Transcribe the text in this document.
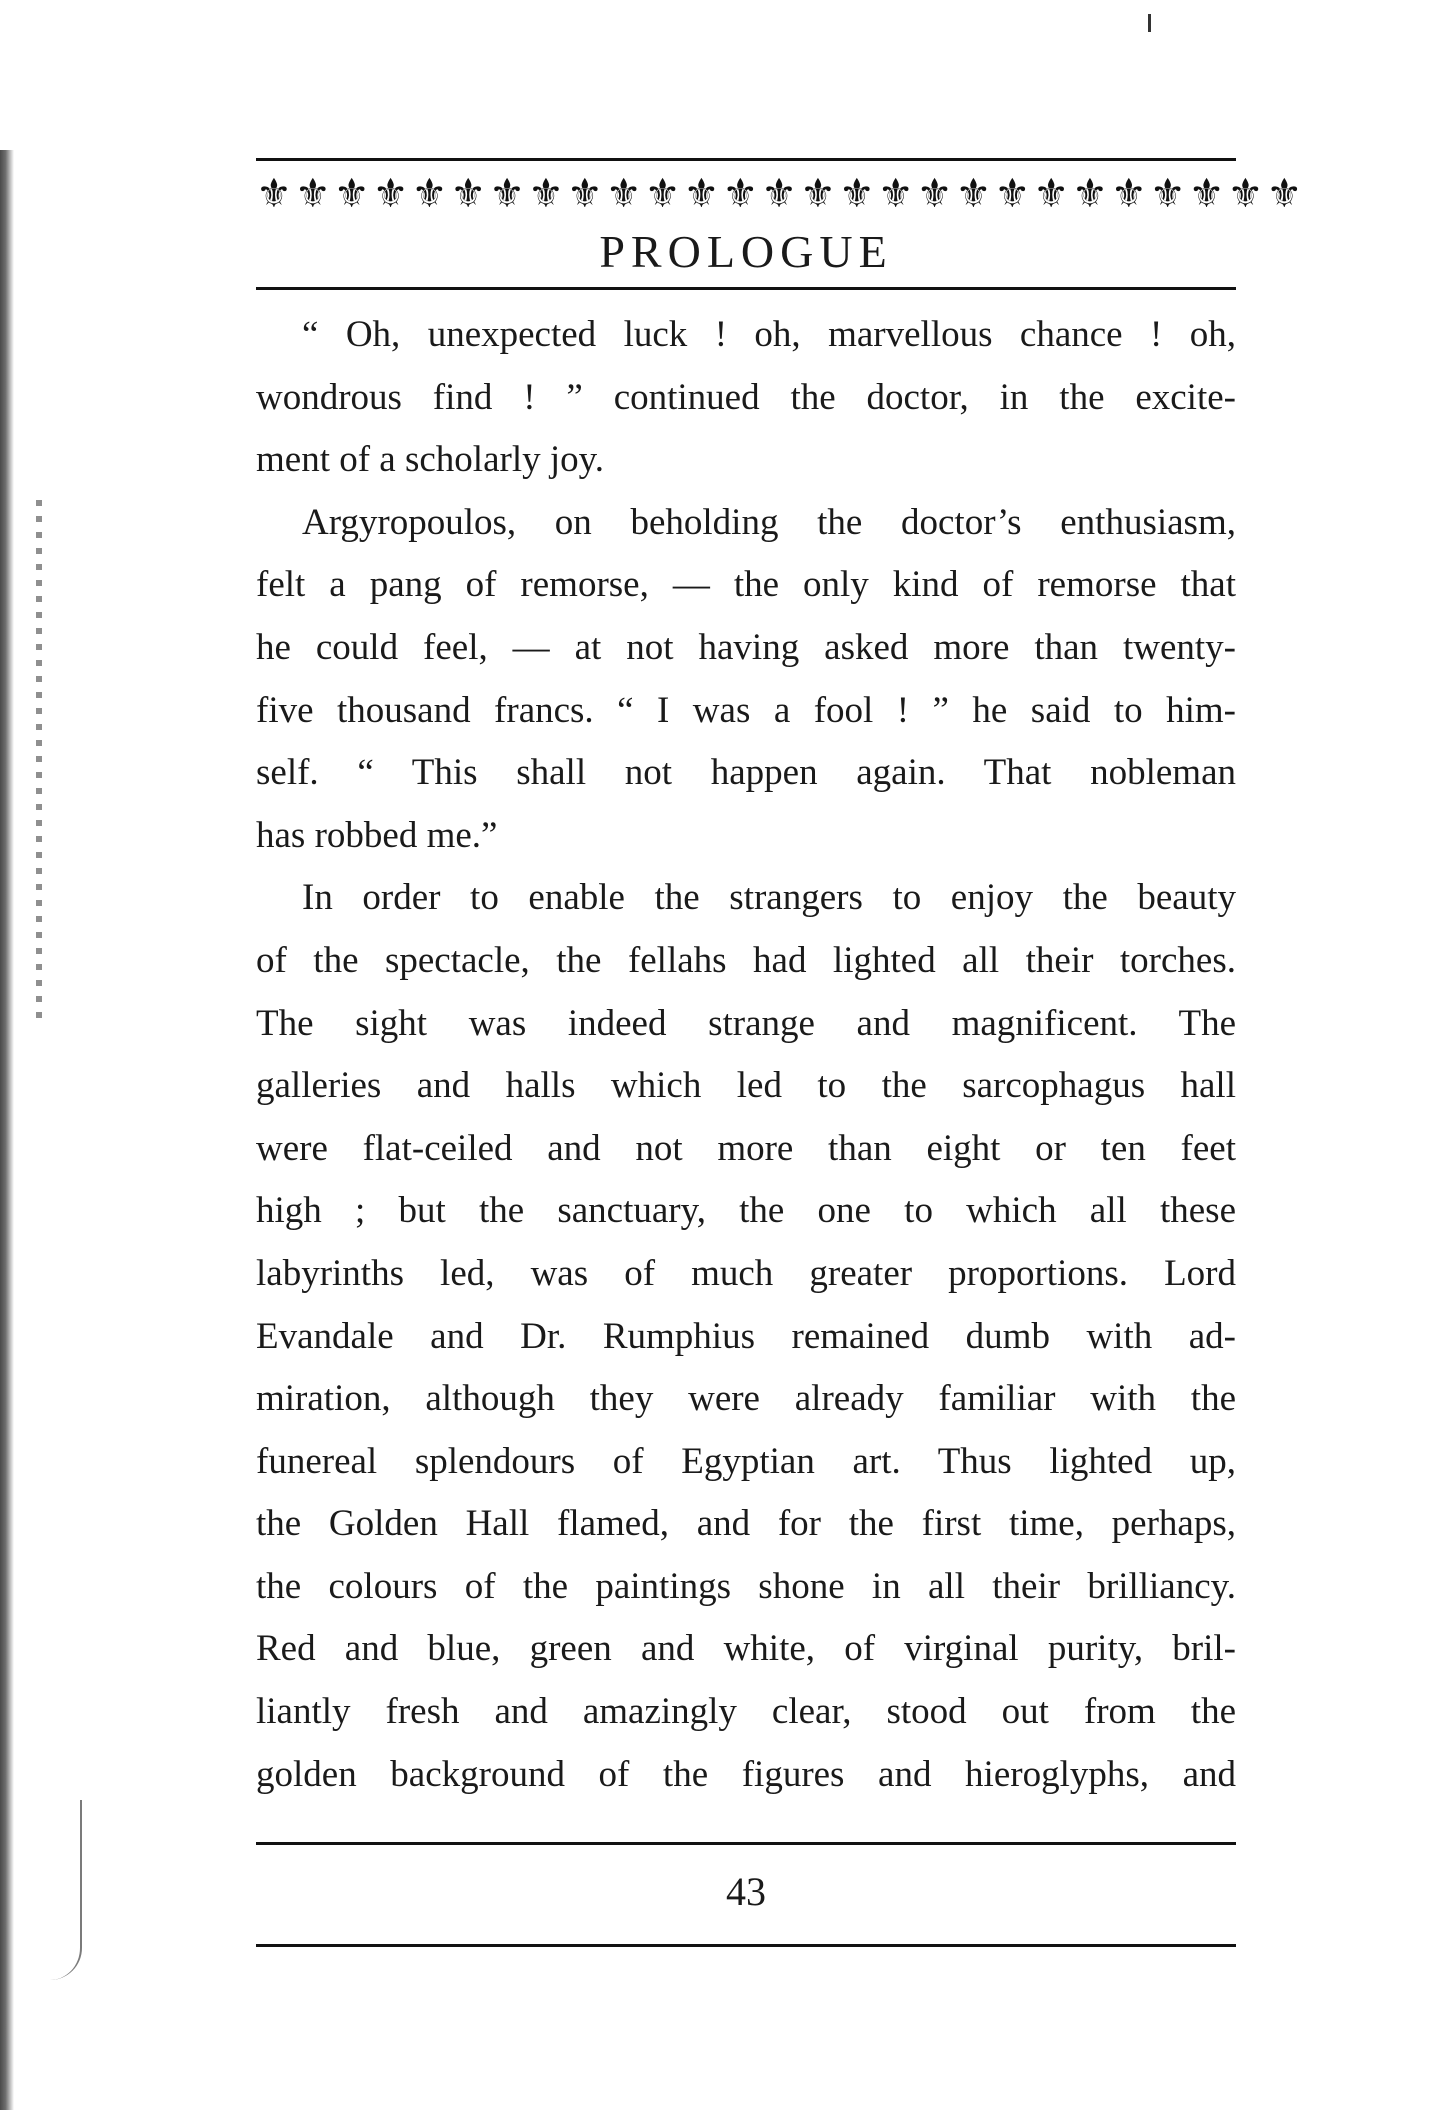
⚜⚜⚜⚜⚜⚜⚜⚜⚜⚜⚜⚜⚜⚜⚜⚜⚜⚜⚜⚜⚜⚜⚜⚜⚜⚜⚜
PROLOGUE
“ Oh, unexpected luck ! oh, marvellous chance ! oh,
wondrous find ! ” continued the doctor, in the excite-
ment of a scholarly joy.
Argyropoulos, on beholding the doctor’s enthusiasm,
felt a pang of remorse, — the only kind of remorse that
he could feel, — at not having asked more than twenty-
five thousand francs. “ I was a fool ! ” he said to him-
self. “ This shall not happen again. That nobleman
has robbed me.”
In order to enable the strangers to enjoy the beauty
of the spectacle, the fellahs had lighted all their torches.
The sight was indeed strange and magnificent. The
galleries and halls which led to the sarcophagus hall
were flat-ceiled and not more than eight or ten feet
high ; but the sanctuary, the one to which all these
labyrinths led, was of much greater proportions. Lord
Evandale and Dr. Rumphius remained dumb with ad-
miration, although they were already familiar with the
funereal splendours of Egyptian art. Thus lighted up,
the Golden Hall flamed, and for the first time, perhaps,
the colours of the paintings shone in all their brilliancy.
Red and blue, green and white, of virginal purity, bril-
liantly fresh and amazingly clear, stood out from the
golden background of the figures and hieroglyphs, and
43
